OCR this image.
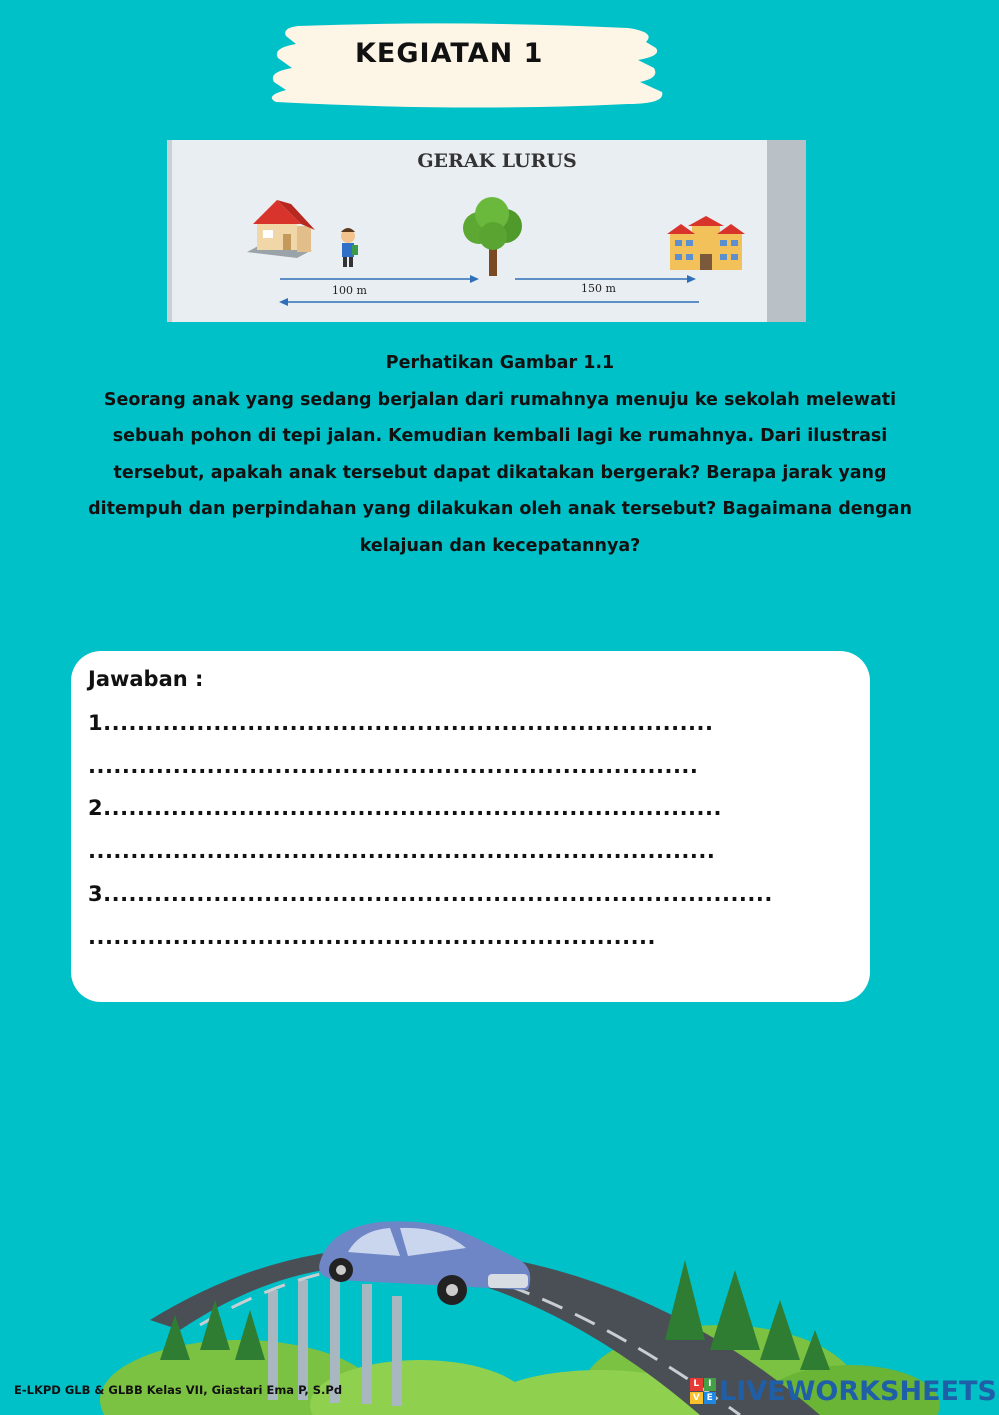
KEGIATAN 1
GERAK LURUS
100 m	150 m
Perhatikan Gambar 1.1
Seorang anak yang sedang berjalan dari rumahnya menuju ke sekolah melewati
sebuah pohon di tepi jalan. Kemudian kembali lagi ke rumahnya. Dari ilustrasi
tersebut, apakah anak tersebut dapat dikatakan bergerak? Berapa jarak yang
ditempuh dan perpindahan yang dilakukan oleh anak tersebut? Bagaimana dengan
kelajuan dan kecepatannya?
Jawaban :
1........................................................................
........................................................................
2.........................................................................
..........................................................................
3...............................................................................
...................................................................
E-LKPD GLB & GLBB Kelas VII, Giastari Ema P, S.Pd	L I
V E LIVEWORKSHEETS
